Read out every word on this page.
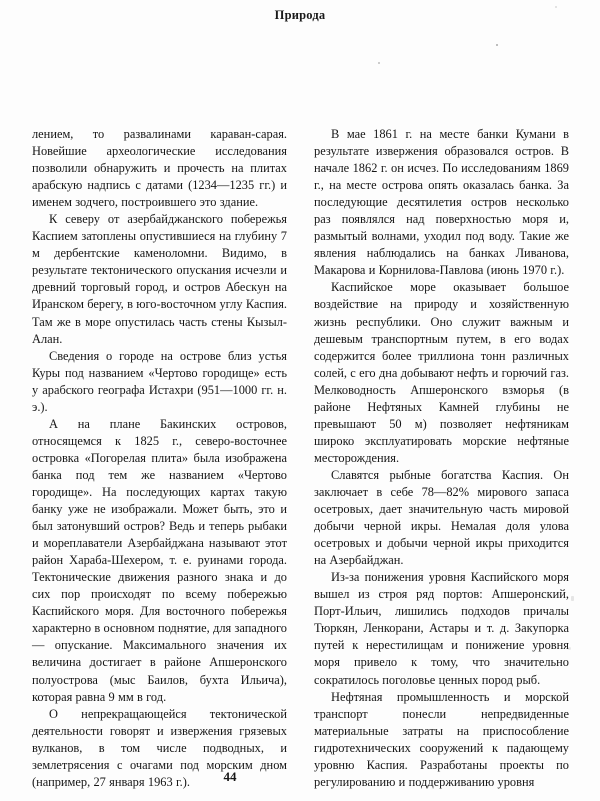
Природа

лением, то развалинами караван-сарая. Новейшие археологические исследования позволили обнаружить и прочесть на плитах арабскую надпись с датами (1234—1235 гг.) и именем зодчего, построившего это здание.

К северу от азербайджанского побережья Каспием затоплены опустившиеся на глубину 7 м дербентские каменоломни. Видимо, в результате тектонического опускания исчезли и древний торговый город, и остров Абескун на Иранском берегу, в юго-восточном углу Каспия. Там же в море опустилась часть стены Кызыл-Алан.

Сведения о городе на острове близ устья Куры под названием «Чертово городище» есть у арабского географа Истахри (951—1000 гг. н. э.).

А на плане Бакинских островов, относящемся к 1825 г., северо-восточнее островка «Погорелая плита» была изображена банка под тем же названием «Чертово городище». На последующих картах такую банку уже не изображали. Может быть, это и был затонувший остров? Ведь и теперь рыбаки и мореплаватели Азербайджана называют этот район Хараба-Шехером, т. е. руинами города. Тектонические движения разного знака и до сих пор происходят по всему побережью Каспийского моря. Для восточного побережья характерно в основном поднятие, для западного — опускание. Максимального значения их величина достигает в районе Апшеронского полуострова (мыс Баилов, бухта Ильича), которая равна 9 мм в год.

О непрекращающейся тектонической деятельности говорят и извержения грязевых вулканов, в том числе подводных, и землетрясения с очагами под морским дном (например, 27 января 1963 г.).

В мае 1861 г. на месте банки Кумани в результате извержения образовался остров. В начале 1862 г. он исчез. По исследованиям 1869 г., на месте острова опять оказалась банка. За последующие десятилетия остров несколько раз появлялся над поверхностью моря и, размытый волнами, уходил под воду. Такие же явления наблюдались на банках Ливанова, Макарова и Корнилова-Павлова (июнь 1970 г.).

Каспийское море оказывает большое воздействие на природу и хозяйственную жизнь республики. Оно служит важным и дешевым транспортным путем, в его водах содержится более триллиона тонн различных солей, с его дна добывают нефть и горючий газ. Мелководность Апшеронского взморья (в районе Нефтяных Камней глубины не превышают 50 м) позволяет нефтяникам широко эксплуатировать морские нефтяные месторождения.

Славятся рыбные богатства Каспия. Он заключает в себе 78—82% мирового запаса осетровых, дает значительную часть мировой добычи черной икры. Немалая доля улова осетровых и добычи черной икры приходится на Азербайджан.

Из-за понижения уровня Каспийского моря вышел из строя ряд портов: Апшеронский, Порт-Ильич, лишились подходов причалы Тюркян, Ленкорани, Астары и т. д. Закупорка путей к нерестилищам и понижение уровня моря привело к тому, что значительно сократилось поголовье ценных пород рыб.

Нефтяная промышленность и морской транспорт понесли непредвиденные материальные затраты на приспособление гидротехнических сооружений к падающему уровню Каспия. Разработаны проекты по регулированию и поддерживанию уровня

44
